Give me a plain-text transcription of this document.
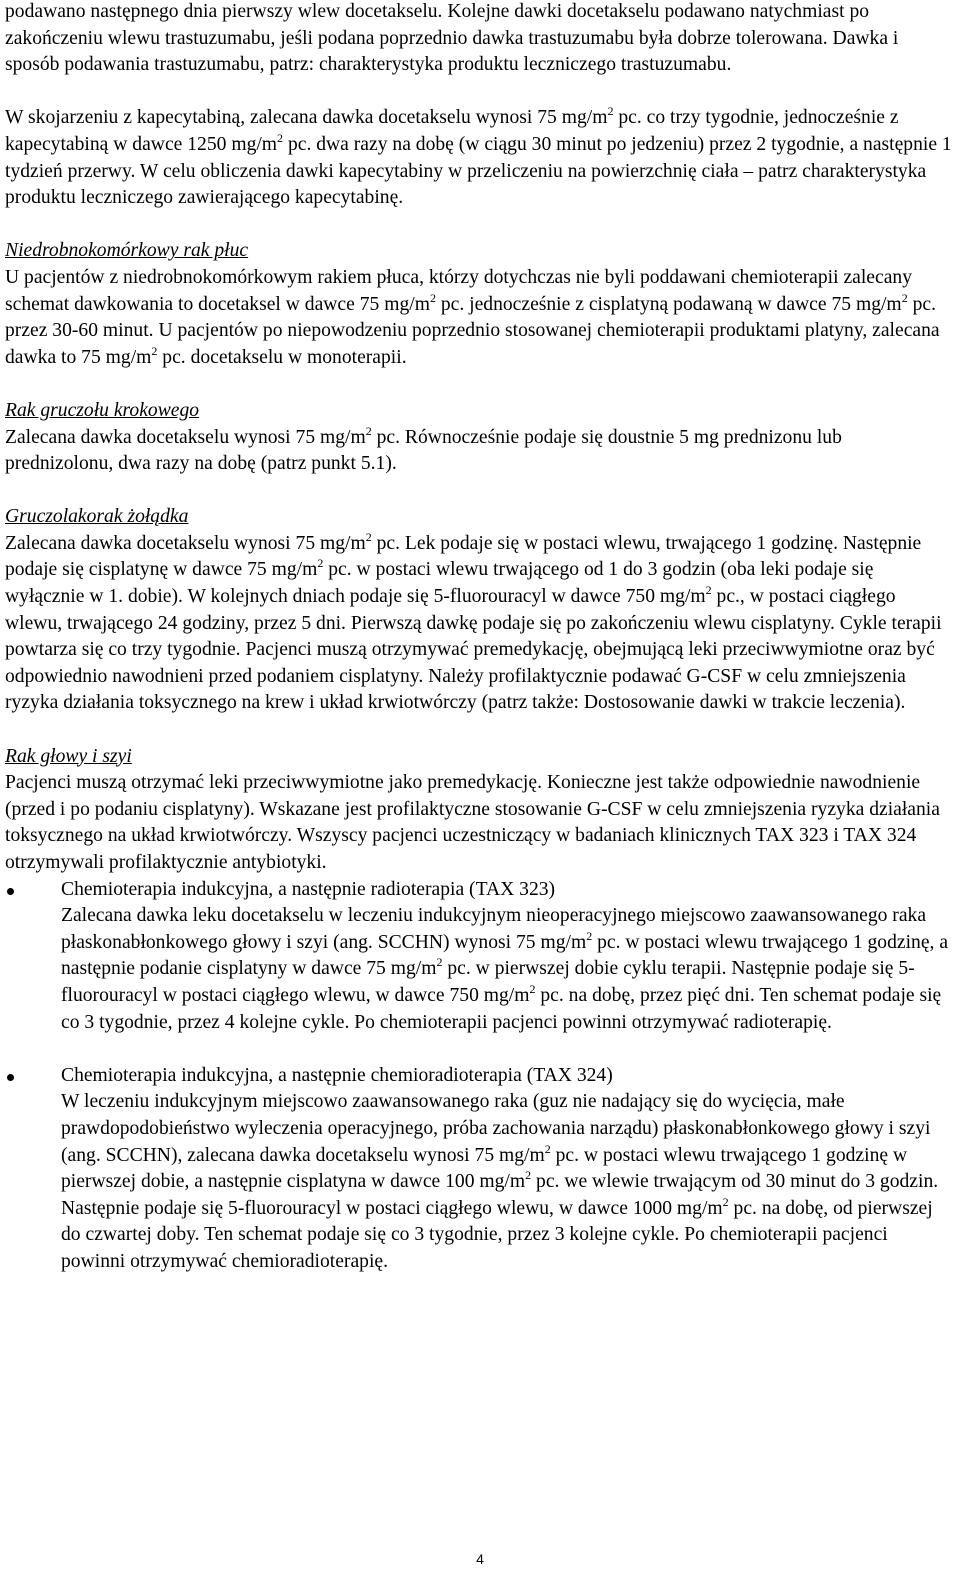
podawano następnego dnia pierwszy wlew docetakselu. Kolejne dawki docetakselu podawano natychmiast po zakończeniu wlewu trastuzumabu, jeśli podana poprzednio dawka trastuzumabu była dobrze tolerowana. Dawka i sposób podawania trastuzumabu, patrz: charakterystyka produktu leczniczego trastuzumabu.

W skojarzeniu z kapecytabiną, zalecana dawka docetakselu wynosi 75 $mg/m^2$ pc. co trzy tygodnie, jednocześnie z kapecytabiną w dawce 1250 $mg/m^2$ pc. dwa razy na dobę (w ciągu 30 minut po jedzeniu) przez 2 tygodnie, a następnie 1 tydzień przerwy. W celu obliczenia dawki kapecytabiny w przeliczeniu na powierzchnię ciała – patrz charakterystyka produktu leczniczego zawierającego kapecytabinę.

Niedrobnokomórkowy rak płuc

U pacjentów z niedrobnokomórkowym rakiem płuca, którzy dotychczas nie byli poddawani chemioterapii zalecany schemat dawkowania to docetaksel w dawce 75 $mg/m^2$ pc. jednocześnie z cisplatyną podawaną w dawce 75 $mg/m^2$ pc. przez 30-60 minut. U pacjentów po niepowodzeniu poprzednio stosowanej chemioterapii produktami platyny, zalecana dawka to 75 $mg/m^2$ pc. docetakselu w monoterapii.

Rak gruczołu krokowego

Zalecana dawka docetakselu wynosi 75 $mg/m^2$ pc. Równocześnie podaje się doustnie 5 mg prednizonu lub prednizolonu, dwa razy na dobę (patrz punkt 5.1).

Gruczolakorak żołądka

Zalecana dawka docetakselu wynosi 75 $mg/m^2$ pc. Lek podaje się w postaci wlewu, trwającego 1 godzinę. Następnie podaje się cisplatynę w dawce 75 $mg/m^2$ pc. w postaci wlewu trwającego od 1 do 3 godzin (oba leki podaje się wyłącznie w 1. dobie). W kolejnych dniach podaje się 5-fluorouracyl w dawce 750 $mg/m^2$ pc., w postaci ciągłego wlewu, trwającego 24 godziny, przez 5 dni. Pierwszą dawkę podaje się po zakończeniu wlewu cisplatyny. Cykle terapii powtarza się co trzy tygodnie. Pacjenci muszą otrzymywać premedykację, obejmującą leki przeciwwymiotne oraz być odpowiednio nawodnieni przed podaniem cisplatyny. Należy profilaktycznie podawać G-CSF w celu zmniejszenia ryzyka działania toksycznego na krew i układ krwiotwórczy (patrz także: Dostosowanie dawki w trakcie leczenia).

Rak głowy i szyi

Pacjenci muszą otrzymać leki przeciwwymiotne jako premedykację. Konieczne jest także odpowiednie nawodnienie (przed i po podaniu cisplatyny). Wskazane jest profilaktyczne stosowanie G-CSF w celu zmniejszenia ryzyka działania toksycznego na układ krwiotwórczy. Wszyscy pacjenci uczestniczący w badaniach klinicznych TAX 323 i TAX 324 otrzymywali profilaktycznie antybiotyki.

Chemioterapia indukcyjna, a następnie radioterapia (TAX 323)

Zalecana dawka leku docetakselu w leczeniu indukcyjnym nieoperacyjnego miejscowo zaawansowanego raka płaskonabłonkowego głowy i szyi (ang. SCCHN) wynosi 75 $mg/m^2$ pc. w postaci wlewu trwającego 1 godzinę, a następnie podanie cisplatyny w dawce 75 $mg/m^2$ pc. w pierwszej dobie cyklu terapii. Następnie podaje się 5-fluorouracyl w postaci ciągłego wlewu, w dawce 750 $mg/m^2$ pc. na dobę, przez pięć dni. Ten schemat podaje się co 3 tygodnie, przez 4 kolejne cykle. Po chemioterapii pacjenci powinni otrzymywać radioterapię.

Chemioterapia indukcyjna, a następnie chemioradioterapia (TAX 324)

W leczeniu indukcyjnym miejscowo zaawansowanego raka (guz nie nadający się do wycięcia, małe prawdopodobieństwo wyleczenia operacyjnego, próba zachowania narządu) płaskonabłonkowego głowy i szyi (ang. SCCHN), zalecana dawka docetakselu wynosi 75 $mg/m^2$ pc. w postaci wlewu trwającego 1 godzinę w pierwszej dobie, a następnie cisplatyna w dawce 100 $mg/m^2$ pc. we wlewie trwającym od 30 minut do 3 godzin. Następnie podaje się 5-fluorouracyl w postaci ciągłego wlewu, w dawce 1000 $mg/m^2$ pc. na dobę, od pierwszej do czwartej doby. Ten schemat podaje się co 3 tygodnie, przez 3 kolejne cykle. Po chemioterapii pacjenci powinni otrzymywać chemioradioterapię.

4
